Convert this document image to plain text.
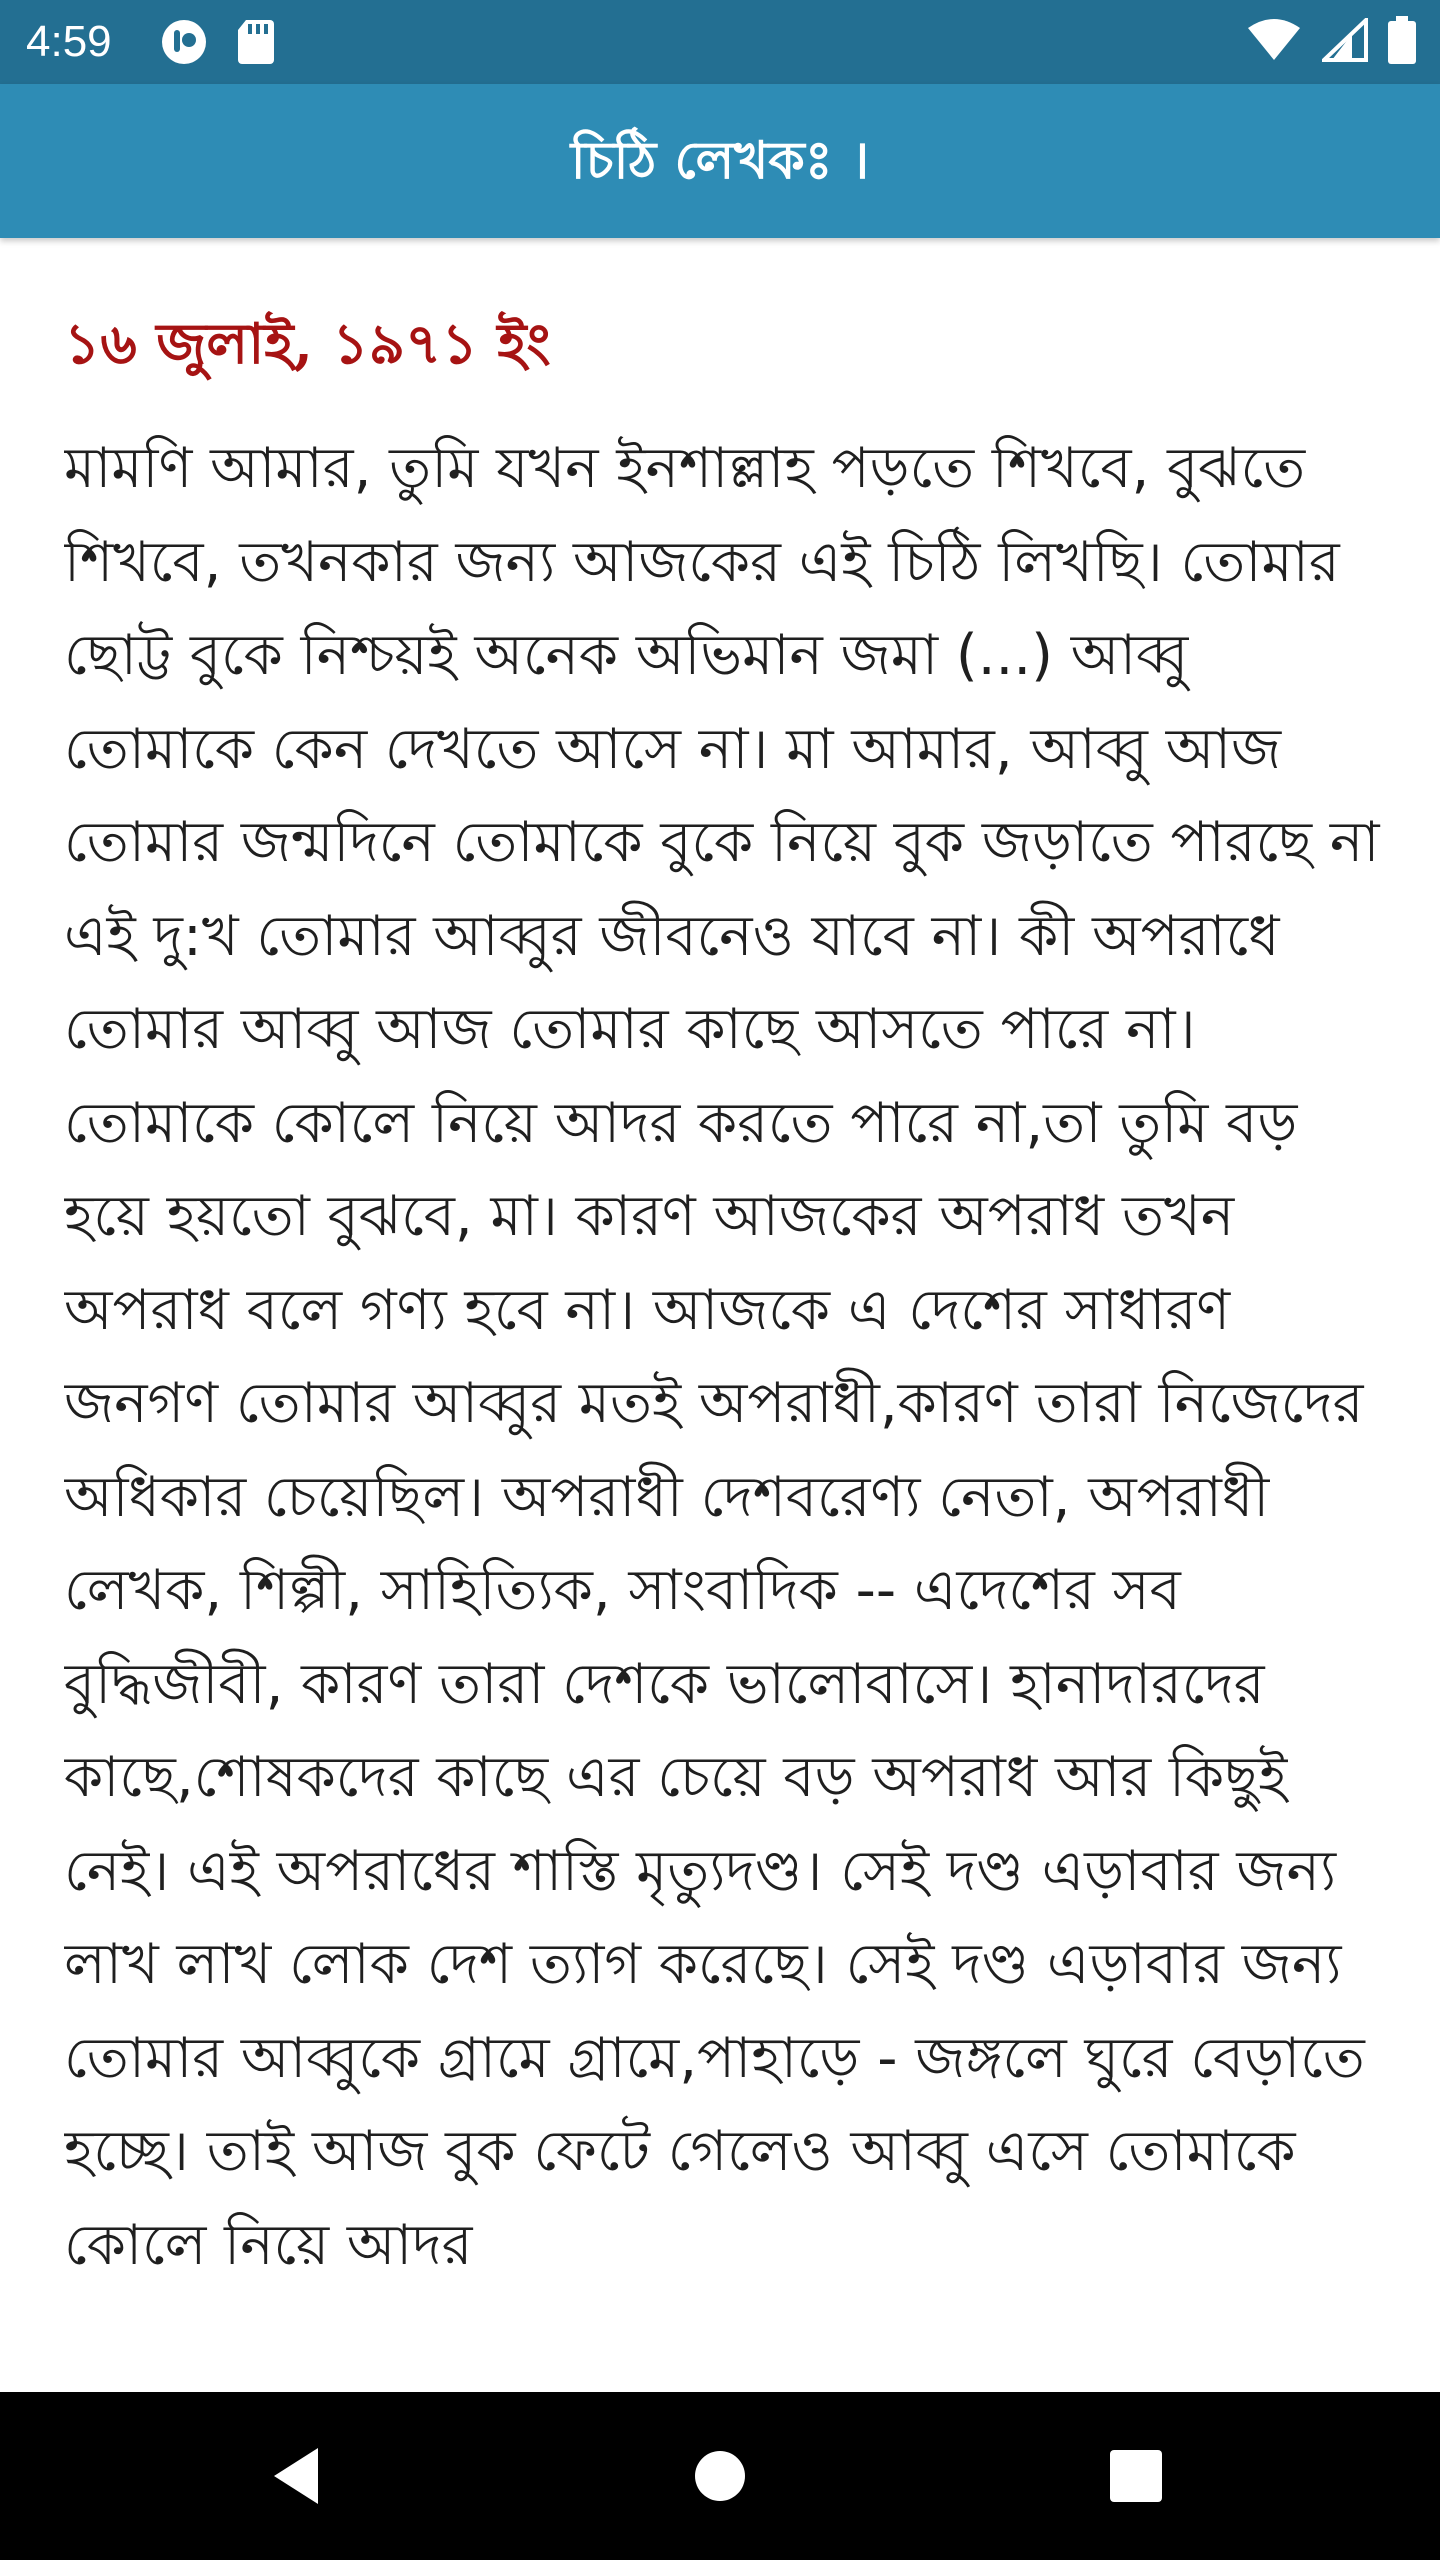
4:59
চিঠি লেখকঃ ।
১৬ জুলাই, ১৯৭১ ইং
মামণি আমার, তুমি যখন ইনশাল্লাহ পড়তে শিখবে, বুঝতে শিখবে, তখনকার জন্য আজকের এই চিঠি লিখছি। তোমার ছোট্ট বুকে নিশ্চয়ই অনেক অভিমান জমা (...) আব্বু তোমাকে কেন দেখতে আসে না। মা আমার, আব্বু আজ তোমার জন্মদিনে তোমাকে বুকে নিয়ে বুক জড়াতে পারছে না এই দু:খ তোমার আব্বুর জীবনেও যাবে না। কী অপরাধে তোমার আব্বু আজ তোমার কাছে আসতে পারে না। তোমাকে কোলে নিয়ে আদর করতে পারে না,তা তুমি বড় হয়ে হয়তো বুঝবে, মা। কারণ আজকের অপরাধ তখন অপরাধ বলে গণ্য হবে না। আজকে এ দেশের সাধারণ জনগণ তোমার আব্বুর মতই অপরাধী,কারণ তারা নিজেদের অধিকার চেয়েছিল। অপরাধী দেশবরেণ্য নেতা, অপরাধী লেখক, শিল্পী, সাহিত্যিক, সাংবাদিক -- এদেশের সব বুদ্ধিজীবী, কারণ তারা দেশকে ভালোবাসে। হানাদারদের কাছে,শোষকদের কাছে এর চেয়ে বড় অপরাধ আর কিছুই নেই। এই অপরাধের শাস্তি মৃত্যুদণ্ড। সেই দণ্ড এড়াবার জন্য লাখ লাখ লোক দেশ ত্যাগ করেছে। সেই দণ্ড এড়াবার জন্য তোমার আব্বুকে গ্রামে গ্রামে,পাহাড়ে - জঙ্গলে ঘুরে বেড়াতে হচ্ছে। তাই আজ বুক ফেটে গেলেও আব্বু এসে তোমাকে কোলে নিয়ে আদর
